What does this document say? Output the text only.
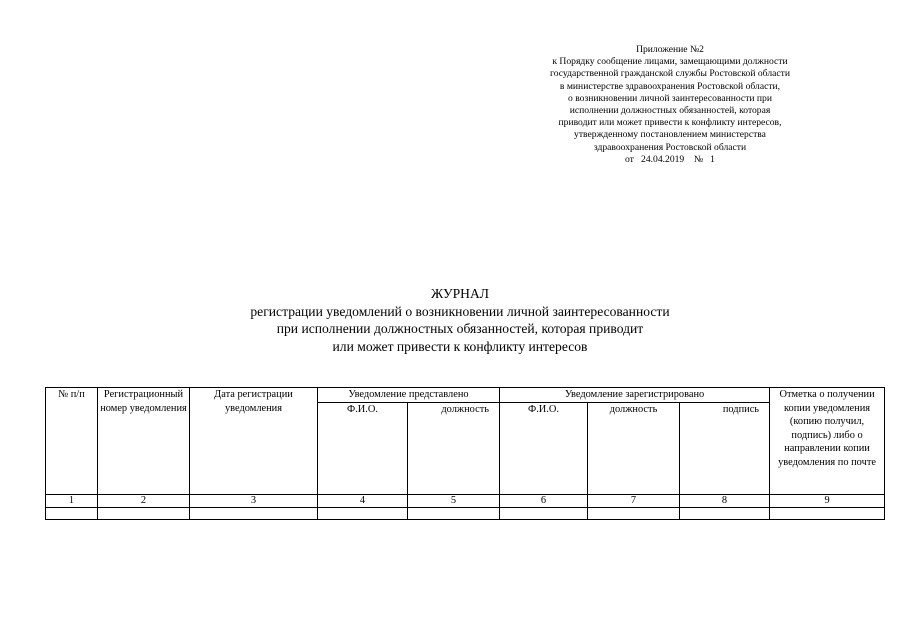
Приложение №2
к Порядку сообщение лицами, замещающими должности
государственной гражданской службы Ростовской области
в министерстве здравоохранения Ростовской области,
о возникновении личной заинтересованности при
исполнении должностных обязанностей, которая
приводит или может привести к конфликту интересов,
утвержденному постановлением министерства
здравоохранения Ростовской области
от   24.04.2019    №   1
ЖУРНАЛ
регистрации уведомлений о возникновении личной заинтересованности
при исполнении должностных обязанностей, которая приводит
или может привести к конфликту интересов
№ п/п	Регистрационный номер уведомления	Дата регистрации уведомления	Уведомление представлено		Уведомление зарегистрировано			Отметка о получении копии уведомления (копию получил, подпись) либо о направлении копии уведомления по почте
			Ф.И.О.	должность	Ф.И.О.	должность	подпись	
1	2	3	4	5	6	7	8	9
